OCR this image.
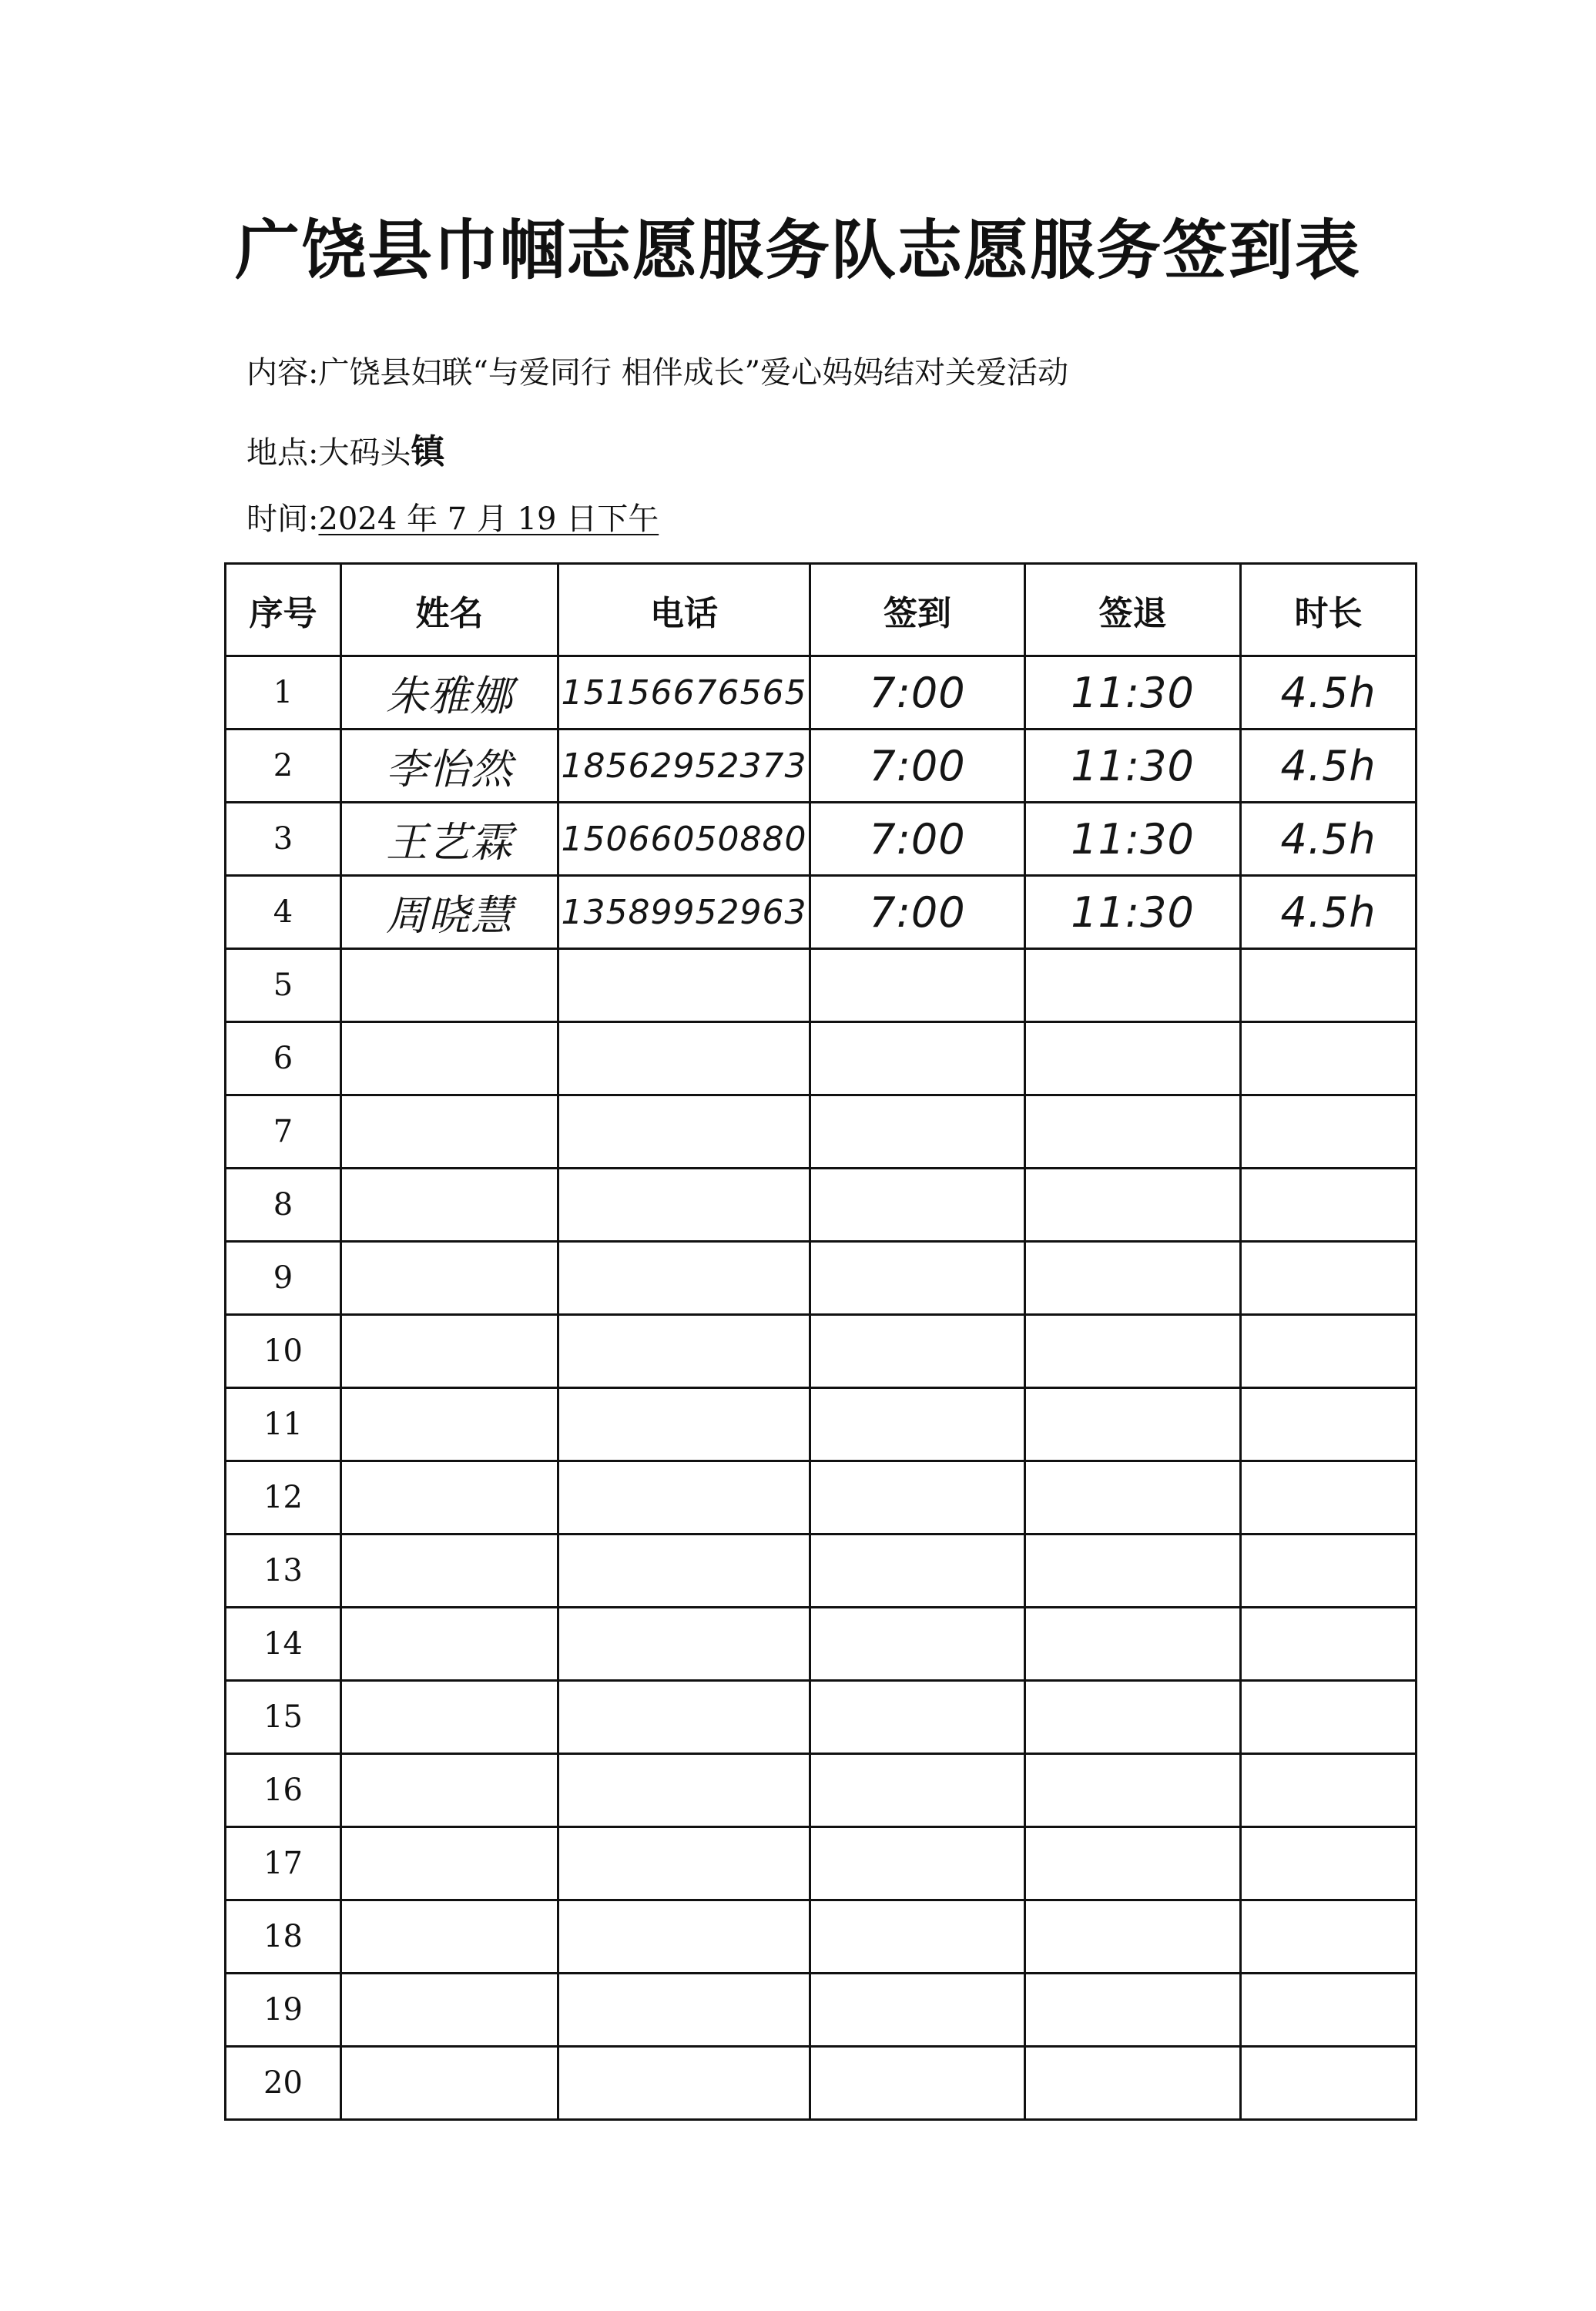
广饶县巾帼志愿服务队志愿服务签到表
内容:广饶县妇联“与爱同行 相伴成长”爱心妈妈结对关爱活动
地点:大码头镇
时间:2024 年 7 月 19 日下午
序号	姓名	电话	签到	签退	时长
1	朱雅娜	15156676565	7:00	11:30	4.5h
2	李怡然	18562952373	7:00	11:30	4.5h
3	王艺霖	15066050880	7:00	11:30	4.5h
4	周晓慧	13589952963	7:00	11:30	4.5h
5					
6					
7					
8					
9					
10					
11					
12					
13					
14					
15					
16					
17					
18					
19					
20					
